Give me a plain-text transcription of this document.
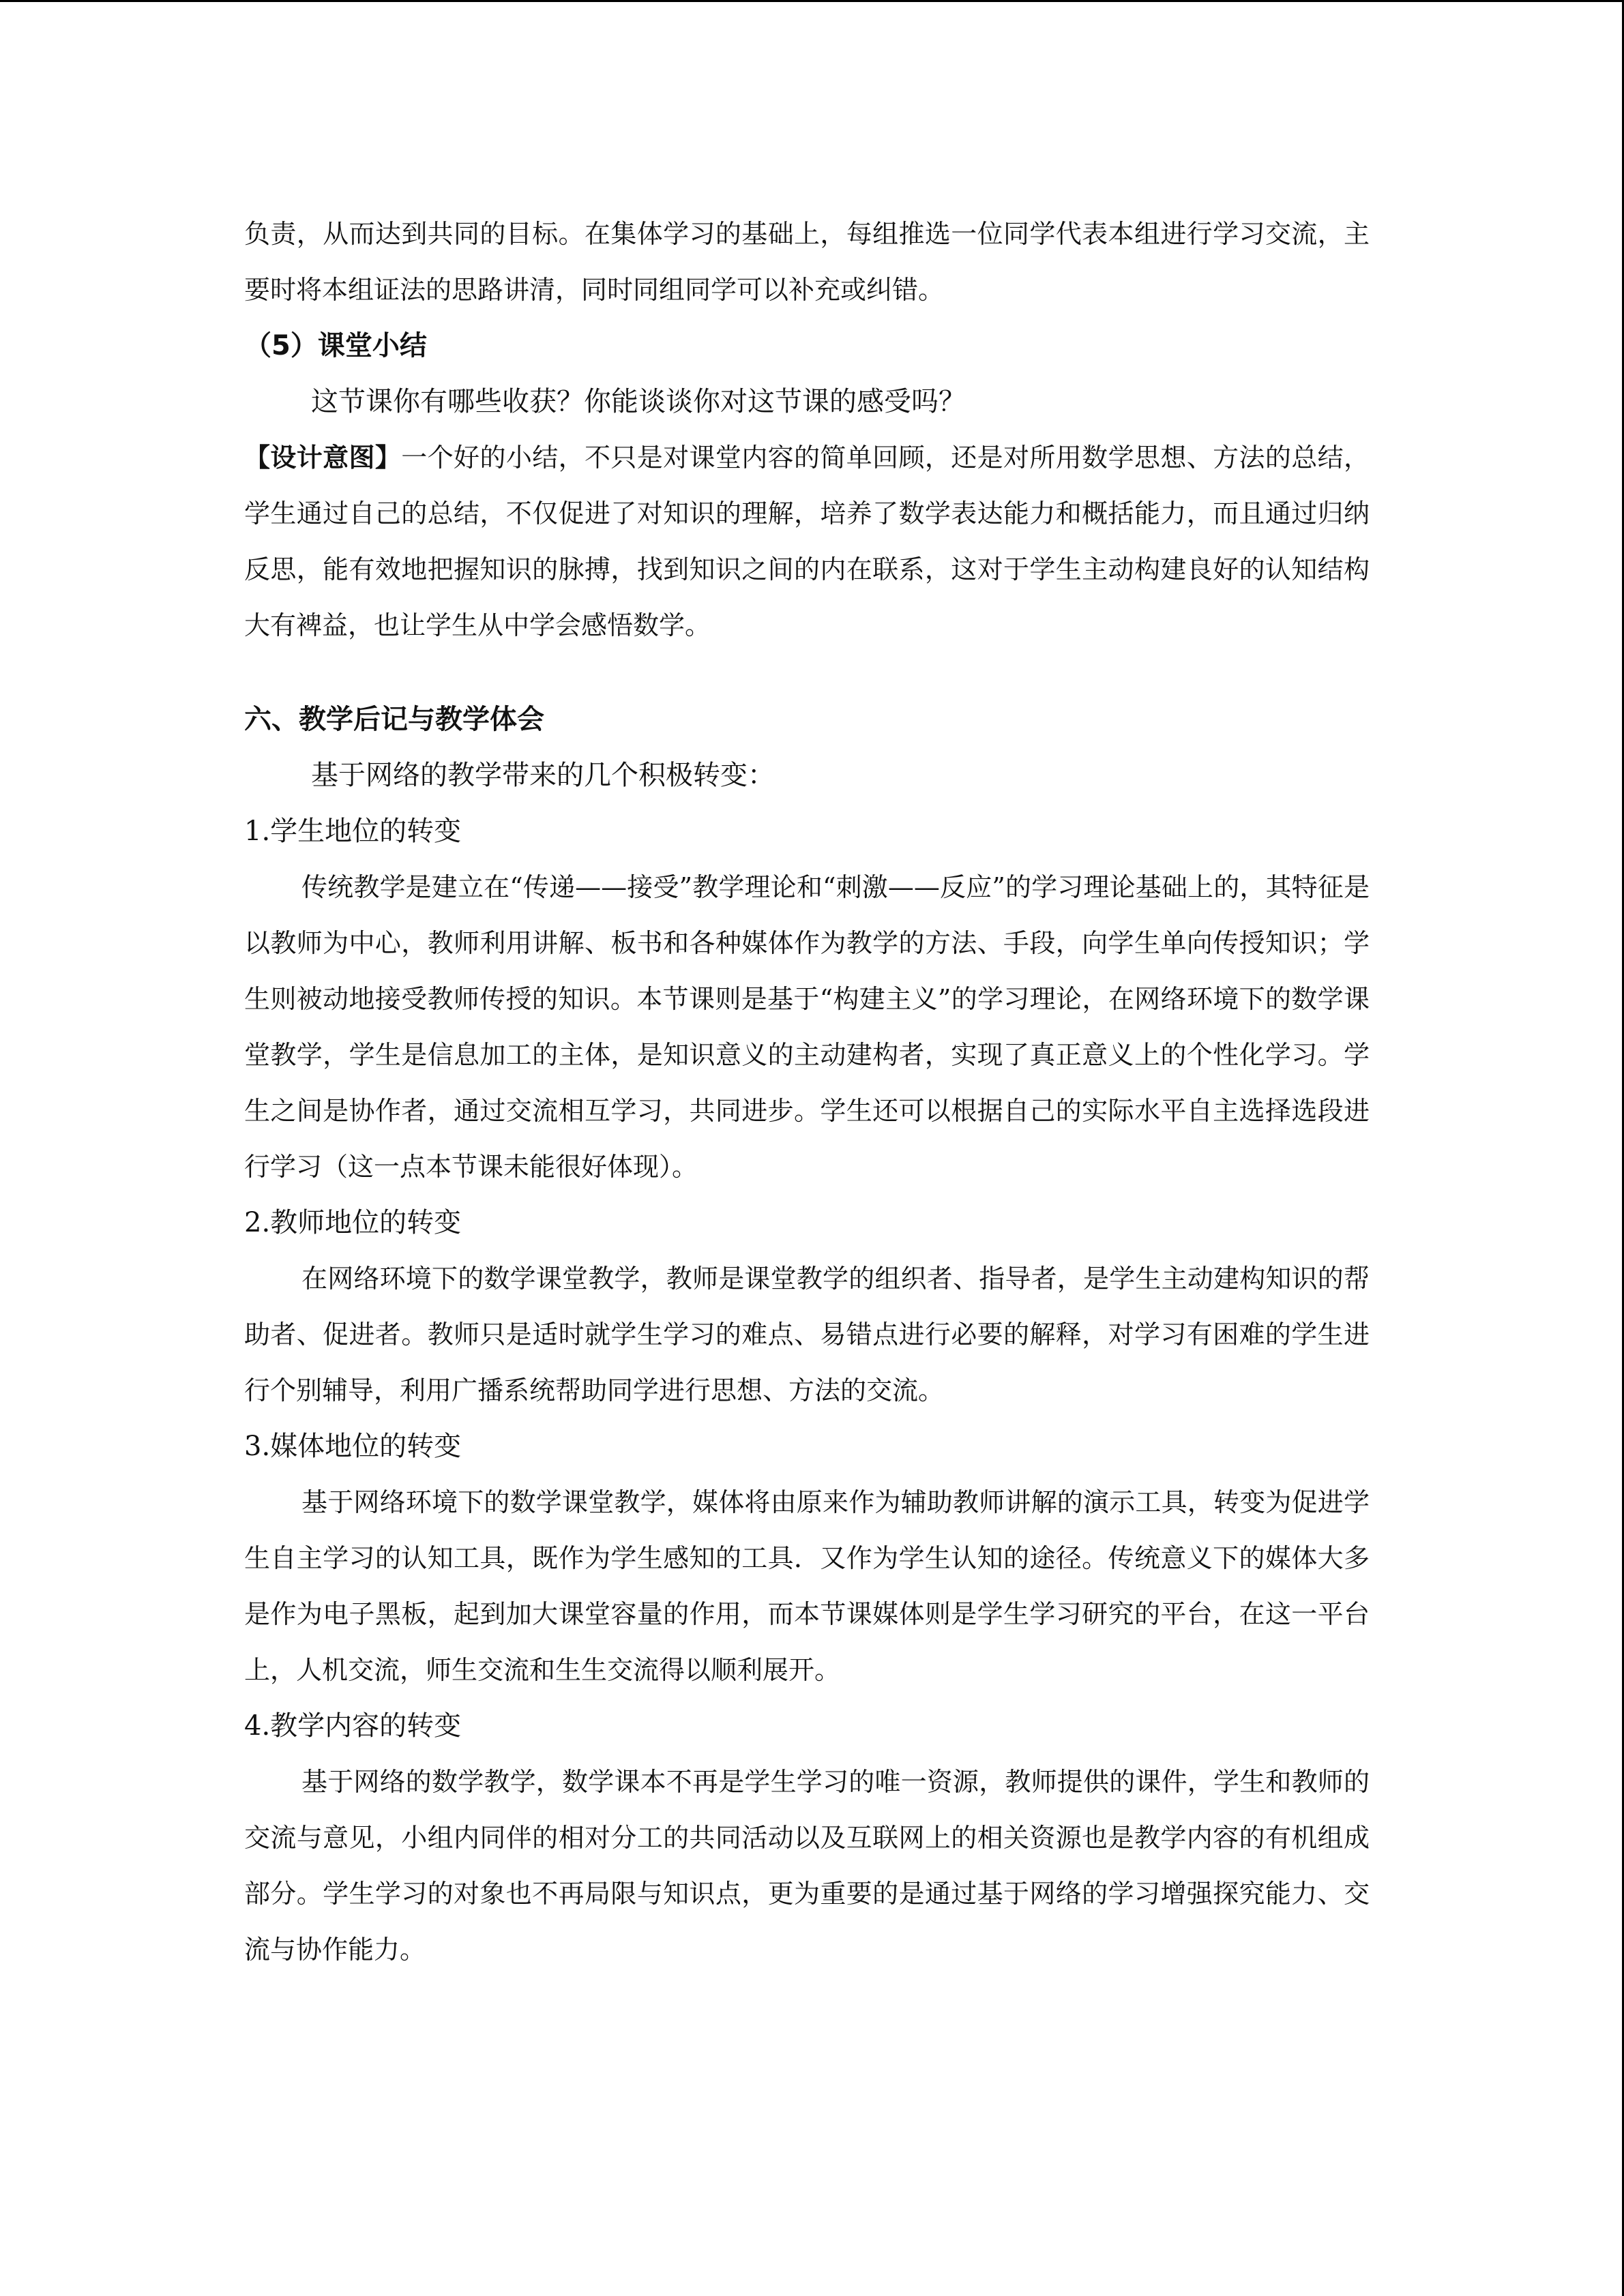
负责，从而达到共同的目标。在集体学习的基础上，每组推选一位同学代表本组进行学习交流，主要时将本组证法的思路讲清，同时同组同学可以补充或纠错。

（5）课堂小结

这节课你有哪些收获？你能谈谈你对这节课的感受吗？

【设计意图】一个好的小结，不只是对课堂内容的简单回顾，还是对所用数学思想、方法的总结，学生通过自己的总结，不仅促进了对知识的理解，培养了数学表达能力和概括能力，而且通过归纳反思，能有效地把握知识的脉搏，找到知识之间的内在联系，这对于学生主动构建良好的认知结构大有裨益，也让学生从中学会感悟数学。

六、教学后记与教学体会

基于网络的教学带来的几个积极转变：

1.学生地位的转变

传统教学是建立在“传递——接受”教学理论和“刺激——反应”的学习理论基础上的，其特征是以教师为中心，教师利用讲解、板书和各种媒体作为教学的方法、手段，向学生单向传授知识；学生则被动地接受教师传授的知识。本节课则是基于“构建主义”的学习理论，在网络环境下的数学课堂教学，学生是信息加工的主体，是知识意义的主动建构者，实现了真正意义上的个性化学习。学生之间是协作者，通过交流相互学习，共同进步。学生还可以根据自己的实际水平自主选择选段进行学习（这一点本节课未能很好体现）。

2.教师地位的转变

在网络环境下的数学课堂教学，教师是课堂教学的组织者、指导者，是学生主动建构知识的帮助者、促进者。教师只是适时就学生学习的难点、易错点进行必要的解释，对学习有困难的学生进行个别辅导，利用广播系统帮助同学进行思想、方法的交流。

3.媒体地位的转变

基于网络环境下的数学课堂教学，媒体将由原来作为辅助教师讲解的演示工具，转变为促进学生自主学习的认知工具，既作为学生感知的工具．又作为学生认知的途径。传统意义下的媒体大多是作为电子黑板，起到加大课堂容量的作用，而本节课媒体则是学生学习研究的平台，在这一平台上，人机交流，师生交流和生生交流得以顺利展开。

4.教学内容的转变

基于网络的数学教学，数学课本不再是学生学习的唯一资源，教师提供的课件，学生和教师的交流与意见，小组内同伴的相对分工的共同活动以及互联网上的相关资源也是教学内容的有机组成部分。学生学习的对象也不再局限与知识点，更为重要的是通过基于网络的学习增强探究能力、交流与协作能力。
